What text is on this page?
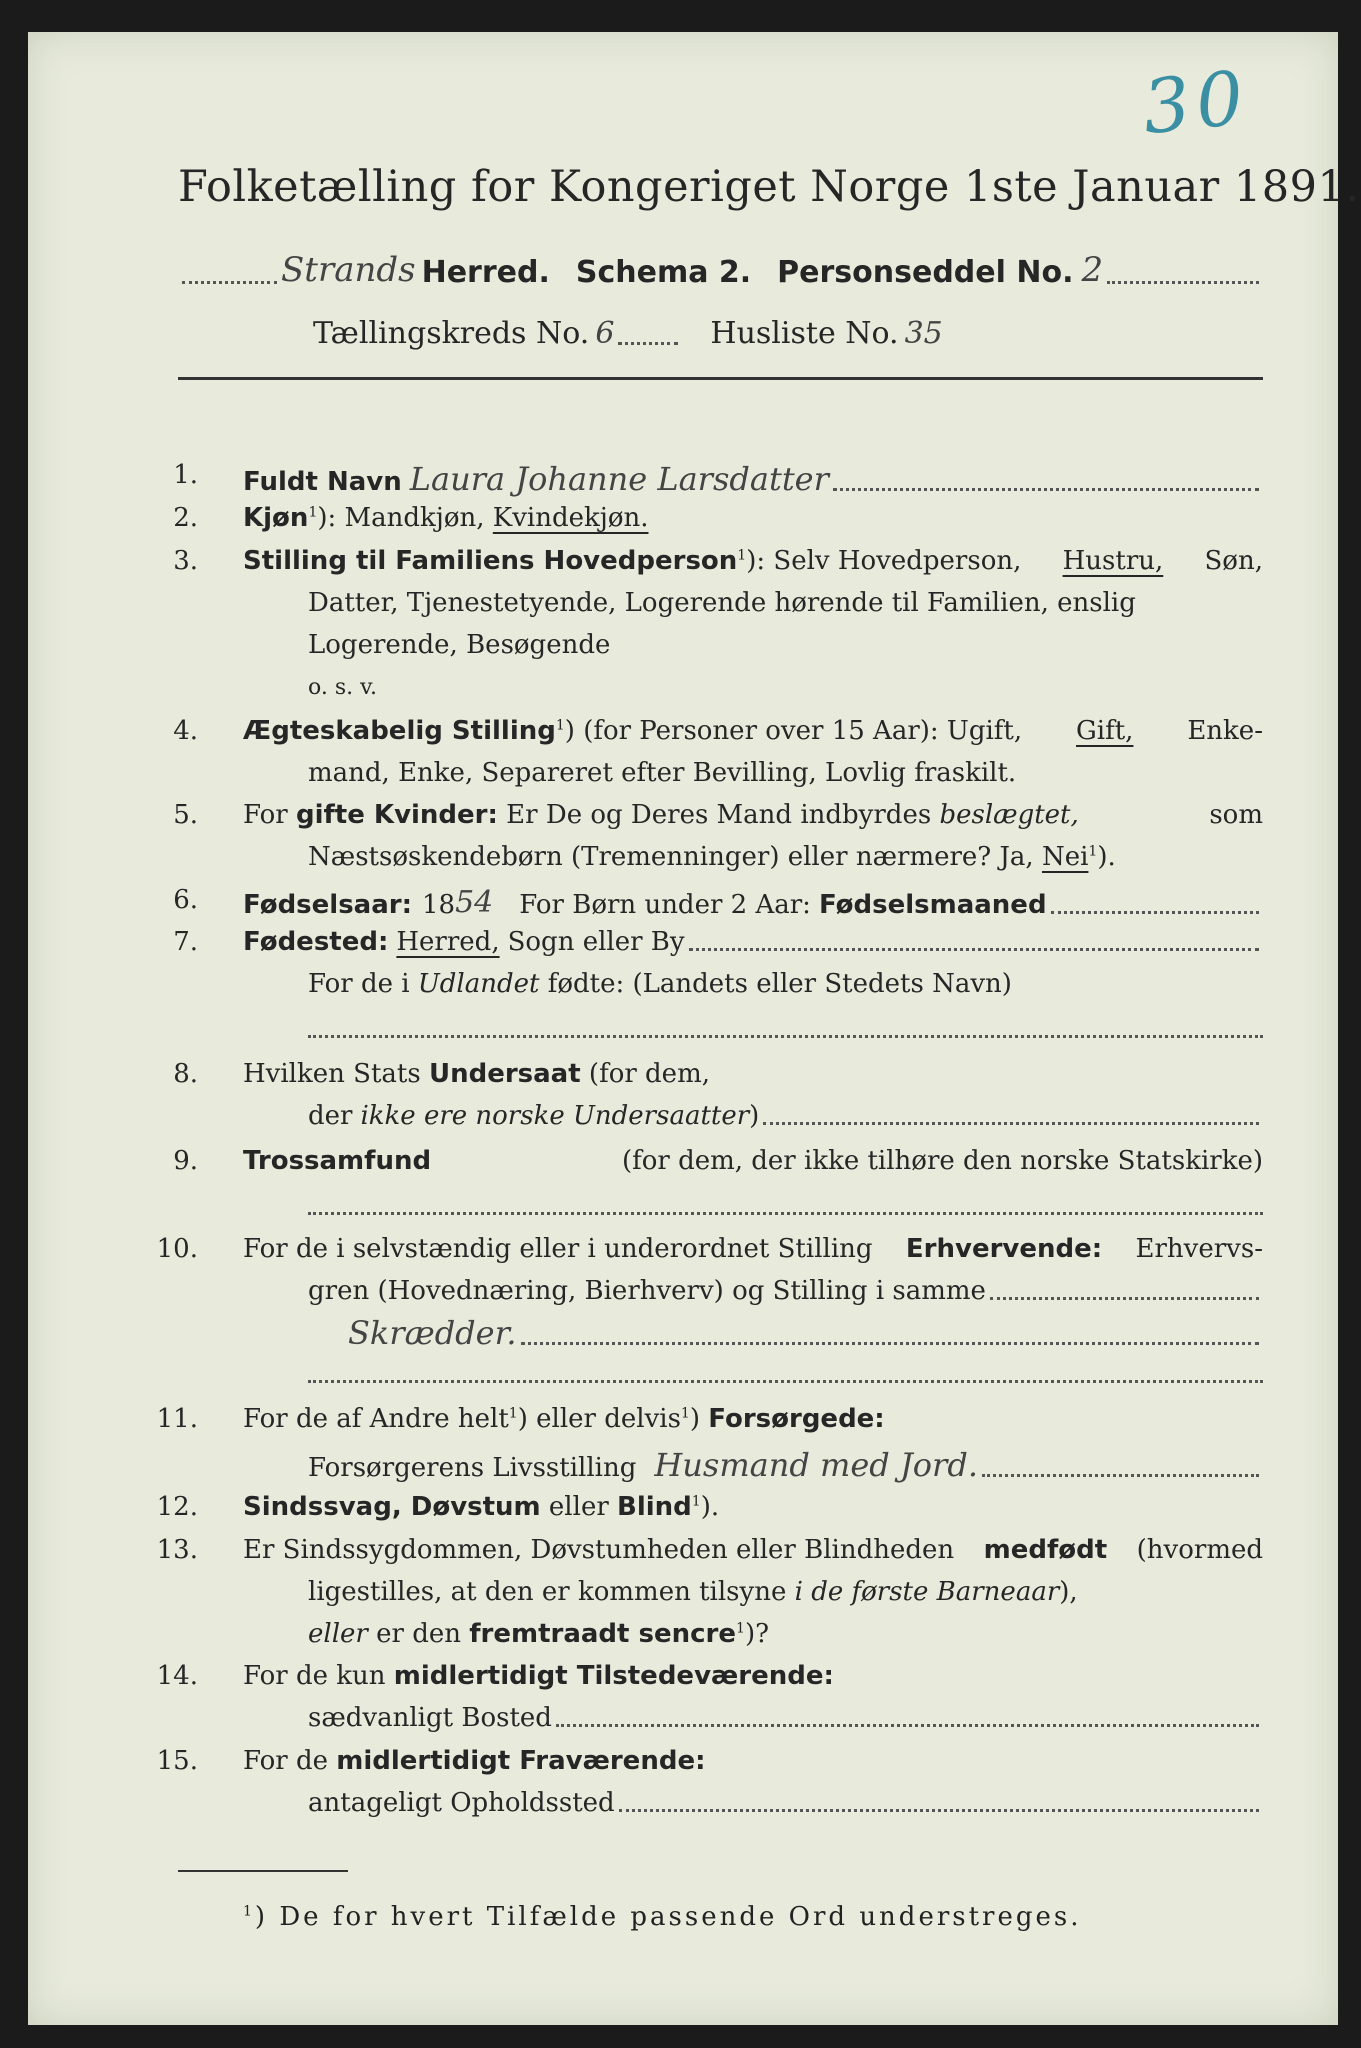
30
Folketælling for Kongeriget Norge 1ste Januar 1891.
Strands Herred. Schema 2. Personseddel No. 2
Tællingskreds No. 6	Husliste No. 35
1. Fuldt Navn Laura Johanne Larsdatter
2. Kjøn$^1$): Mandkjøn, Kvindekjøn.
3. Stilling til Familiens Hovedperson$^1$): Selv Hovedperson, Hustru, Søn,
Datter, Tjenestetyende, Logerende hørende til Familien, enslig
Logerende, Besøgende
o. s. v.
4. Ægteskabelig Stilling$^1$) (for Personer over 15 Aar): Ugift, Gift, Enke-
mand, Enke, Separeret efter Bevilling, Lovlig fraskilt.
5. For gifte Kvinder: Er De og Deres Mand indbyrdes beslægtet,	som
Næstsøskendebørn (Tremenninger) eller nærmere? Ja, Nei$^1$).
6. Fødselsaar: 18 54 For Børn under 2 Aar: Fødselsmaaned
7. Fødested: Herred, Sogn eller By
For de i Udlandet fødte: (Landets eller Stedets Navn)
8. Hvilken Stats Undersaat (for dem,
der ikke ere norske Undersaatter )
9. Trossamfund	(for dem, der ikke tilhøre den norske Statskirke)
10. For de i selvstændig eller i underordnet Stilling Erhvervende: Erhvervs-
gren (Hovednæring, Bierhverv) og Stilling i samme
Skrædder.
11. For de af Andre helt$^1$) eller delvis$^1$) Forsørgede:
Forsørgerens Livsstilling Husmand med Jord.
12. Sindssvag, Døvstum eller Blind$^1$).
13. Er Sindssygdommen, Døvstumheden eller Blindheden medfødt (hvormed
ligestilles, at den er kommen tilsyne i de første Barneaar),
eller er den fremtraadt sencre$^1$)?
14. For de kun midlertidigt Tilstedeværende:
sædvanligt Bosted
15. For de midlertidigt Fraværende:
antageligt Opholdssted
$^1$) De for hvert Tilfælde passende Ord understreges.
